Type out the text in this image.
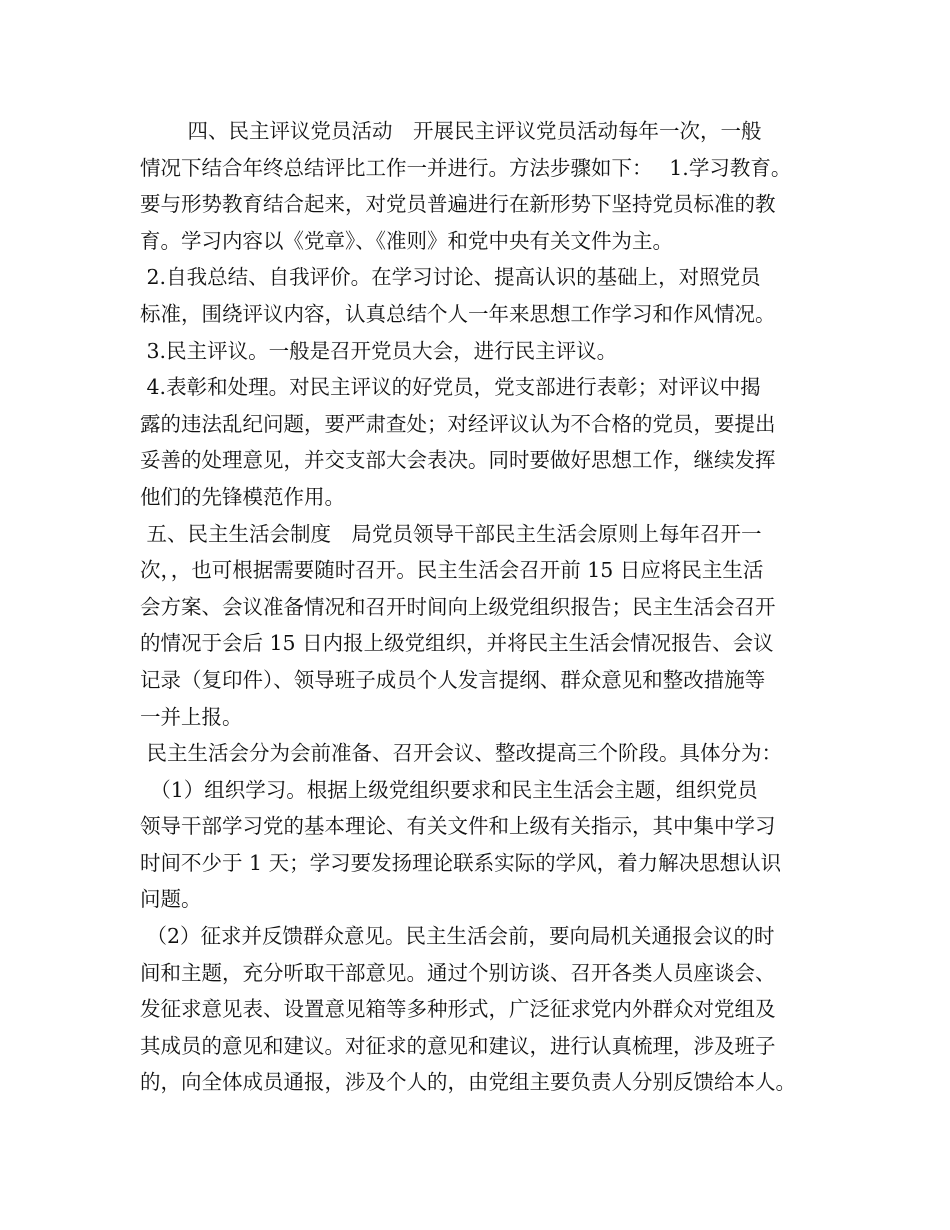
　　 四、民主评议党员活动　开展民主评议党员活动每年一次，一般
情况下结合年终总结评比工作一并进行。方法步骤如下：　 1.学习教育。
要与形势教育结合起来，对党员普遍进行在新形势下坚持党员标准的教
育。学习内容以《党章》、《准则》和党中央有关文件为主。
2.自我总结、自我评价。在学习讨论、提高认识的基础上，对照党员
标准，围绕评议内容，认真总结个人一年来思想工作学习和作风情况。
3.民主评议。一般是召开党员大会，进行民主评议。
4.表彰和处理。对民主评议的好党员，党支部进行表彰；对评议中揭
露的违法乱纪问题，要严肃查处；对经评议认为不合格的党员，要提出
妥善的处理意见，并交支部大会表决。同时要做好思想工作，继续发挥
他们的先锋模范作用。
五、民主生活会制度　局党员领导干部民主生活会原则上每年召开一
次，，也可根据需要随时召开。民主生活会召开前 15 日应将民主生活
会方案、会议准备情况和召开时间向上级党组织报告；民主生活会召开
的情况于会后 15 日内报上级党组织，并将民主生活会情况报告、会议
记录（复印件）、领导班子成员个人发言提纲、群众意见和整改措施等
一并上报。
民主生活会分为会前准备、召开会议、整改提高三个阶段。具体分为：
　（1）组织学习。根据上级党组织要求和民主生活会主题，组织党员
领导干部学习党的基本理论、有关文件和上级有关指示，其中集中学习
时间不少于 1 天；学习要发扬理论联系实际的学风，着力解决思想认识
问题。
（2）征求并反馈群众意见。民主生活会前，要向局机关通报会议的时
间和主题，充分听取干部意见。通过个别访谈、召开各类人员座谈会、
发征求意见表、设置意见箱等多种形式，广泛征求党内外群众对党组及
其成员的意见和建议。对征求的意见和建议，进行认真梳理，涉及班子
的，向全体成员通报，涉及个人的，由党组主要负责人分别反馈给本人。
